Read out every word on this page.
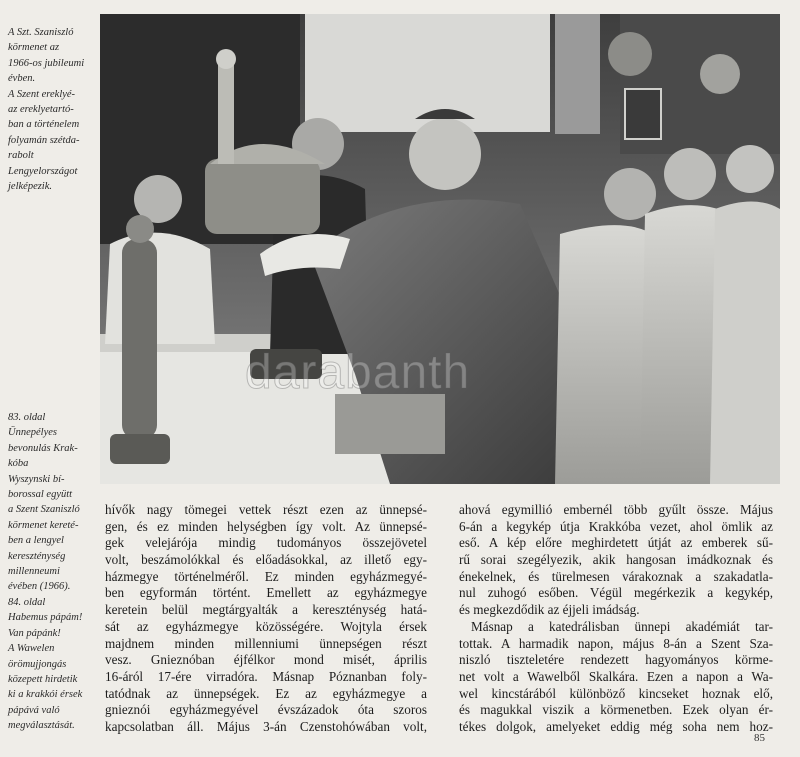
A Szt. Szaniszló
körmenet az
1966-os jubileumi
évben.
A Szent ereklyé-
az ereklyetartó-
ban a történelem
folyamán szétda-
rabolt
Lengyelországot
jelképezik.
83. oldal
Ünnepélyes
bevonulás Krak-
kóba
Wyszynski bí-
borossal együtt
a Szent Szaniszló
körmenet kereté-
ben a lengyel
kereszténység
millenneumi
évében (1966).
84. oldal
Habemus pápám!
Van pápánk!
A Wawelen
örömujjongás
közepett hirdetik
ki a krakkói érsek
pápává való
megválasztását.
darabanth
hívők nagy tömegei vettek részt ezen az ünnepsé-
gen, és ez minden helységben így volt. Az ünnepsé-
gek velejárója mindig tudományos összejövetel
volt, beszámolókkal és előadásokkal, az illető egy-
házmegye történelméről. Ez minden egyházmegyé-
ben egyformán történt. Emellett az egyházmegye
keretein belül megtárgyalták a kereszténység hatá-
sát az egyházmegye közösségére. Wojtyla érsek
majdnem minden millenniumi ünnepségen részt
vesz. Gnieznóban éjfélkor mond misét, április
16-áról 17-ére virradóra. Másnap Póznanban foly-
tatódnak az ünnepségek. Ez az egyházmegye a
gnieznói egyházmegyével évszázadok óta szoros
kapcsolatban áll. Május 3-án Czenstohówában volt,
ahová egymillió embernél több gyűlt össze. Május
6-án a kegykép útja Krakkóba vezet, ahol ömlik az
eső. A kép előre meghirdetett útját az emberek sű-
rű sorai szegélyezik, akik hangosan imádkoznak és
énekelnek, és türelmesen várakoznak a szakadatla-
nul zuhogó esőben. Végül megérkezik a kegykép,
és megkezdődik az éjjeli imádság.
Másnap a katedrálisban ünnepi akadémiát tar-
tottak. A harmadik napon, május 8-án a Szent Sza-
niszló tiszteletére rendezett hagyományos körme-
net volt a Wawelből Skalkára. Ezen a napon a Wa-
wel kincstárából különböző kincseket hoznak elő,
és magukkal viszik a körmenetben. Ezek olyan ér-
tékes dolgok, amelyeket eddig még soha nem hoz-
85
